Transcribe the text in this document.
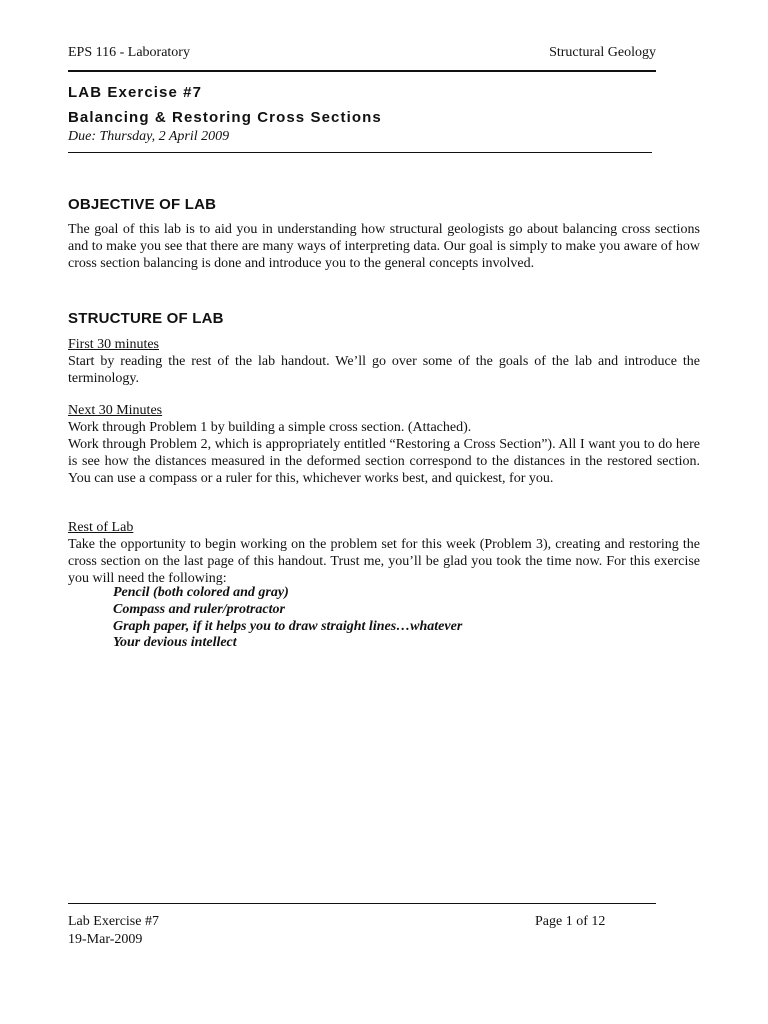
EPS 116 - Laboratory	Structural Geology
LAB Exercise #7
Balancing & Restoring Cross Sections
Due: Thursday, 2 April 2009
OBJECTIVE OF LAB
The goal of this lab is to aid you in understanding how structural geologists go about balancing cross sections and to make you see that there are many ways of interpreting data. Our goal is simply to make you aware of how cross section balancing is done and introduce you to the general concepts involved.
STRUCTURE OF LAB
First 30 minutes
Start by reading the rest of the lab handout. We’ll go over some of the goals of the lab and introduce the terminology.
Next 30 Minutes
Work through Problem 1 by building a simple cross section. (Attached).
Work through Problem 2, which is appropriately entitled “Restoring a Cross Section”). All I want you to do here is see how the distances measured in the deformed section correspond to the distances in the restored section. You can use a compass or a ruler for this, whichever works best, and quickest, for you.
Rest of Lab
Take the opportunity to begin working on the problem set for this week (Problem 3), creating and restoring the cross section on the last page of this handout. Trust me, you’ll be glad you took the time now. For this exercise you will need the following:
Pencil (both colored and gray)
Compass and ruler/protractor
Graph paper, if it helps you to draw straight lines…whatever
Your devious intellect
Lab Exercise #7
19-Mar-2009
Page 1 of 12
